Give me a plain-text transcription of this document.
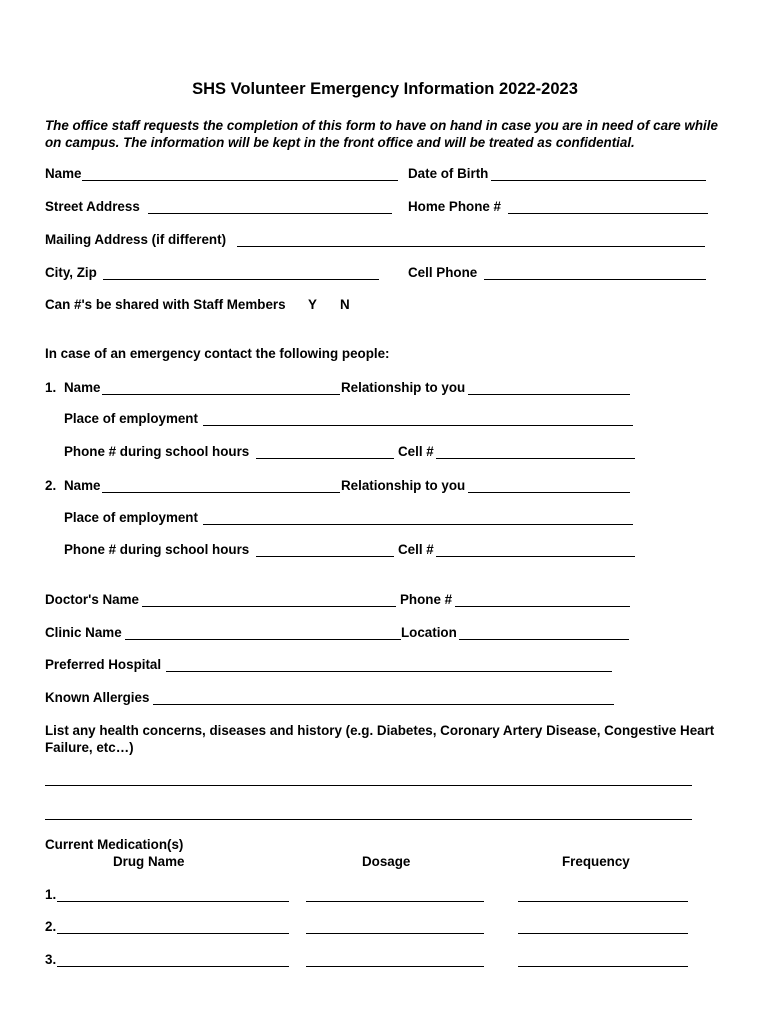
SHS Volunteer Emergency Information 2022-2023
The office staff requests the completion of this form to have on hand in case you are in need of care while on campus. The information will be kept in the front office and will be treated as confidential.
Name	Date of Birth
Street Address	Home Phone #
Mailing Address (if different)
City, Zip	Cell Phone
Can #'s be shared with Staff Members Y N
In case of an emergency contact the following people:
1. Name	Relationship to you
Place of employment
Phone # during school hours	Cell #
2. Name	Relationship to you
Place of employment
Phone # during school hours	Cell #
Doctor's Name	Phone #
Clinic Name	Location
Preferred Hospital
Known Allergies
List any health concerns, diseases and history (e.g. Diabetes, Coronary Artery Disease, Congestive Heart Failure, etc…)
Current Medication(s)
Drug Name	Dosage	Frequency
1.
2.
3.
